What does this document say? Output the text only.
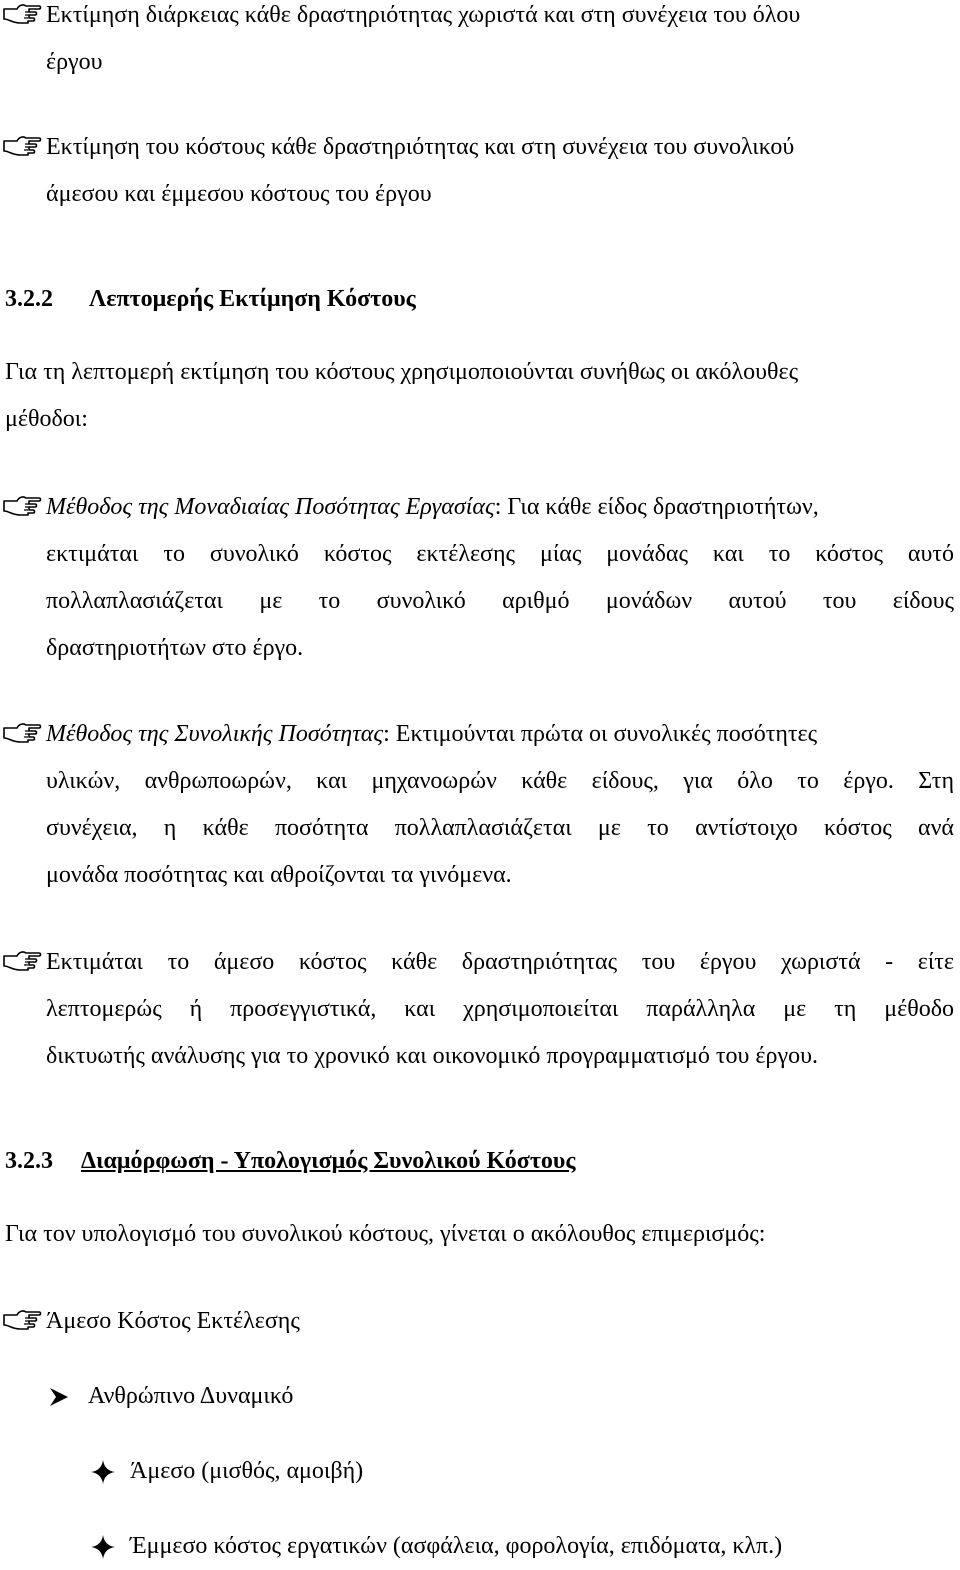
Εκτίμηση διάρκειας κάθε δραστηριότητας χωριστά και στη συνέχεια του όλου
έργου
Εκτίμηση του κόστους κάθε δραστηριότητας και στη συνέχεια του συνολικού
άμεσου και έμμεσου κόστους του έργου
3.2.2 Λεπτομερής Εκτίμηση Κόστους
Για τη λεπτομερή εκτίμηση του κόστους χρησιμοποιούνται συνήθως οι ακόλουθες
μέθοδοι:
Μέθοδος της Μοναδιαίας Ποσότητας Εργασίας: Για κάθε είδος δραστηριοτήτων,
εκτιμάται το συνολικό κόστος εκτέλεσης μίας μονάδας και το κόστος αυτό
πολλαπλασιάζεται με το συνολικό αριθμό μονάδων αυτού του είδους
δραστηριοτήτων στο έργο.
Μέθοδος της Συνολικής Ποσότητας: Εκτιμούνται πρώτα οι συνολικές ποσότητες
υλικών, ανθρωποωρών, και μηχανοωρών κάθε είδους, για όλο το έργο. Στη
συνέχεια, η κάθε ποσότητα πολλαπλασιάζεται με το αντίστοιχο κόστος ανά
μονάδα ποσότητας και αθροίζονται τα γινόμενα.
Εκτιμάται το άμεσο κόστος κάθε δραστηριότητας του έργου χωριστά - είτε
λεπτομερώς ή προσεγγιστικά, και χρησιμοποιείται παράλληλα με τη μέθοδο
δικτυωτής ανάλυσης για το χρονικό και οικονομικό προγραμματισμό του έργου.
3.2.3 Διαμόρφωση - Υπολογισμός Συνολικού Κόστους
Για τον υπολογισμό του συνολικού κόστους, γίνεται ο ακόλουθος επιμερισμός:
Άμεσο Κόστος Εκτέλεσης
Ανθρώπινο Δυναμικό
Άμεσο (μισθός, αμοιβή)
Έμμεσο κόστος εργατικών (ασφάλεια, φορολογία, επιδόματα, κλπ.)
